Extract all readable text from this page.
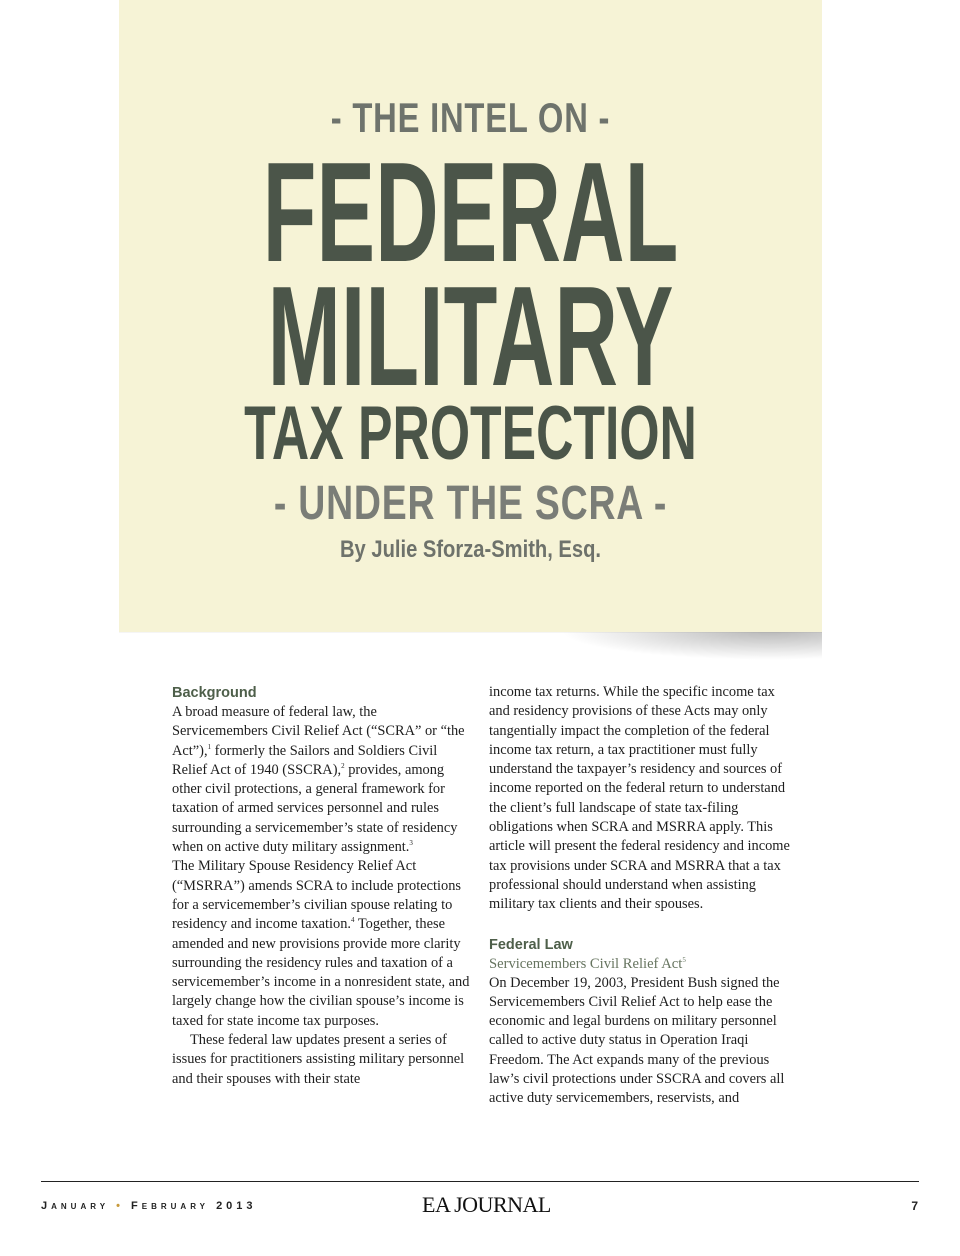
- THE INTEL ON -
FEDERAL
MILITARY
TAX PROTECTION
- UNDER THE SCRA -
By Julie Sforza-Smith, Esq.

Background

A broad measure of federal law, the Servicemembers Civil Relief Act (“SCRA” or “the Act”),$^1$ formerly the Sailors and Soldiers Civil Relief Act of 1940 (SSCRA),$^2$ provides, among other civil protections, a general framework for taxation of armed services personnel and rules surrounding a servicemember’s state of residency when on active duty military assignment.$^3$

The Military Spouse Residency Relief Act (“MSRRA”) amends SCRA to include protections for a servicemember’s civilian spouse relating to residency and income taxation.$^4$ Together, these amended and new provisions provide more clarity surrounding the residency rules and taxation of a servicemember’s income in a nonresident state, and largely change how the civilian spouse’s income is taxed for state income tax purposes.

These federal law updates present a series of issues for practitioners assisting military personnel and their spouses with their state

income tax returns. While the specific income tax and residency provisions of these Acts may only tangentially impact the completion of the federal income tax return, a tax practitioner must fully understand the taxpayer’s residency and sources of income reported on the federal return to understand the client’s full landscape of state tax-filing obligations when SCRA and MSRRA apply. This article will present the federal residency and income tax provisions under SCRA and MSRRA that a tax professional should understand when assisting military tax clients and their spouses.

Federal Law

Servicemembers Civil Relief Act$^5$

On December 19, 2003, President Bush signed the Servicemembers Civil Relief Act to help ease the economic and legal burdens on military personnel called to active duty status in Operation Iraqi Freedom. The Act expands many of the previous law’s civil protections under SSCRA and covers all active duty servicemembers, reservists, and

January • February 2013	EA JOURNAL	7
